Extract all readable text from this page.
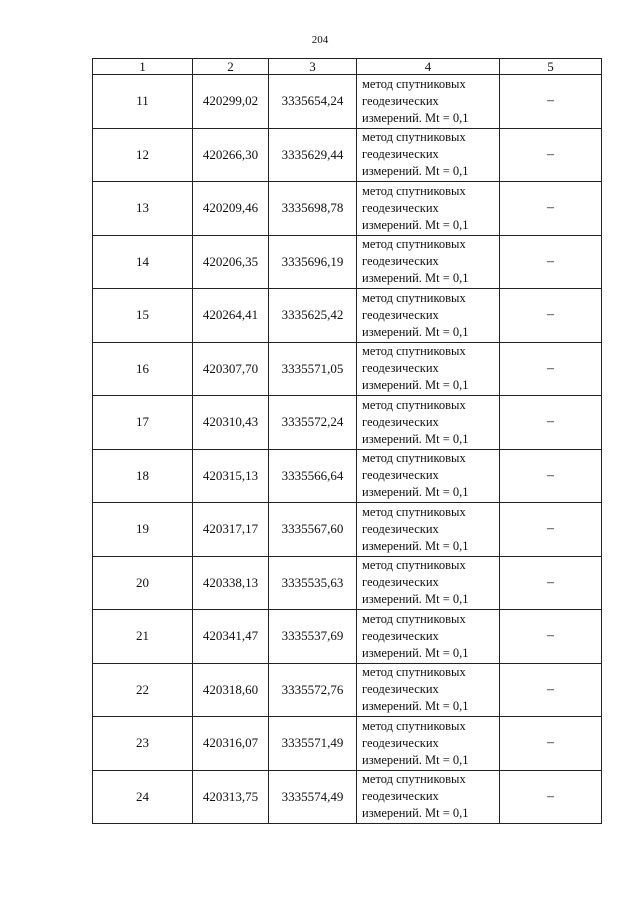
204
1	2	3	4	5
11	420299,02	3335654,24	метод спутниковых
геодезических
измерений. Mt = 0,1	–
12	420266,30	3335629,44	метод спутниковых
геодезических
измерений. Mt = 0,1	–
13	420209,46	3335698,78	метод спутниковых
геодезических
измерений. Mt = 0,1	–
14	420206,35	3335696,19	метод спутниковых
геодезических
измерений. Mt = 0,1	–
15	420264,41	3335625,42	метод спутниковых
геодезических
измерений. Mt = 0,1	–
16	420307,70	3335571,05	метод спутниковых
геодезических
измерений. Mt = 0,1	–
17	420310,43	3335572,24	метод спутниковых
геодезических
измерений. Mt = 0,1	–
18	420315,13	3335566,64	метод спутниковых
геодезических
измерений. Mt = 0,1	–
19	420317,17	3335567,60	метод спутниковых
геодезических
измерений. Mt = 0,1	–
20	420338,13	3335535,63	метод спутниковых
геодезических
измерений. Mt = 0,1	–
21	420341,47	3335537,69	метод спутниковых
геодезических
измерений. Mt = 0,1	–
22	420318,60	3335572,76	метод спутниковых
геодезических
измерений. Mt = 0,1	–
23	420316,07	3335571,49	метод спутниковых
геодезических
измерений. Mt = 0,1	–
24	420313,75	3335574,49	метод спутниковых
геодезических
измерений. Mt = 0,1	–
